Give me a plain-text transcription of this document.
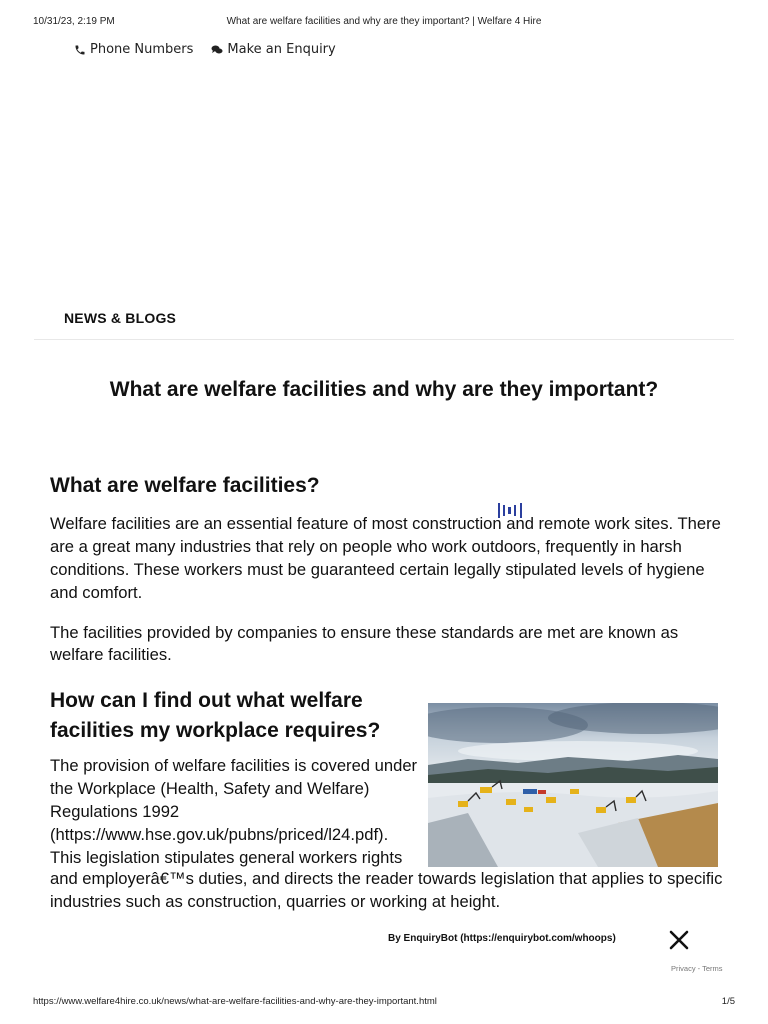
10/31/23, 2:19 PM	What are welfare facilities and why are they important? | Welfare 4 Hire
Phone Numbers	Make an Enquiry
NEWS & BLOGS
What are welfare facilities and why are they important?
What are welfare facilities?

Welfare facilities are an essential feature of most construction and remote work sites. There are a great many industries that rely on people who work outdoors, frequently in harsh conditions. These workers must be guaranteed certain legally stipulated levels of hygiene and comfort.

The facilities provided by companies to ensure these standards are met are known as welfare facilities.

How can I find out what welfare facilities my workplace requires?

The provision of welfare facilities is covered under the Workplace (Health, Safety and Welfare) Regulations 1992 (https://www.hse.gov.uk/pubns/priced/l24.pdf). This legislation stipulates general workers rights

and employerâ€™s duties, and directs the reader towards legislation that applies to specific industries such as construction, quarries or working at height.

By EnquiryBot (https://enquirybot.com/whoops)
Privacy - Terms
https://www.welfare4hire.co.uk/news/what-are-welfare-facilities-and-why-are-they-important.html	1/5
